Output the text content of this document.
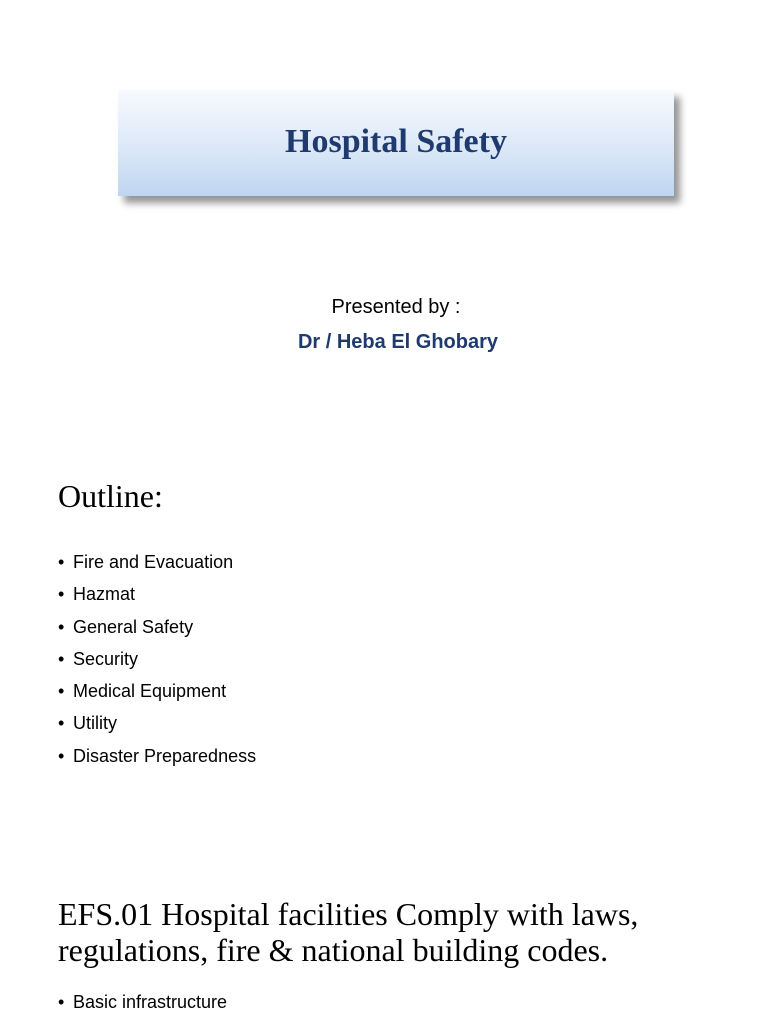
Hospital Safety
Presented by :
Dr / Heba El Ghobary
Outline:
• Fire and Evacuation
• Hazmat
• General Safety
• Security
• Medical Equipment
• Utility
• Disaster Preparedness
EFS.01 Hospital facilities Comply with laws,
regulations, fire & national building codes.
• Basic infrastructure
